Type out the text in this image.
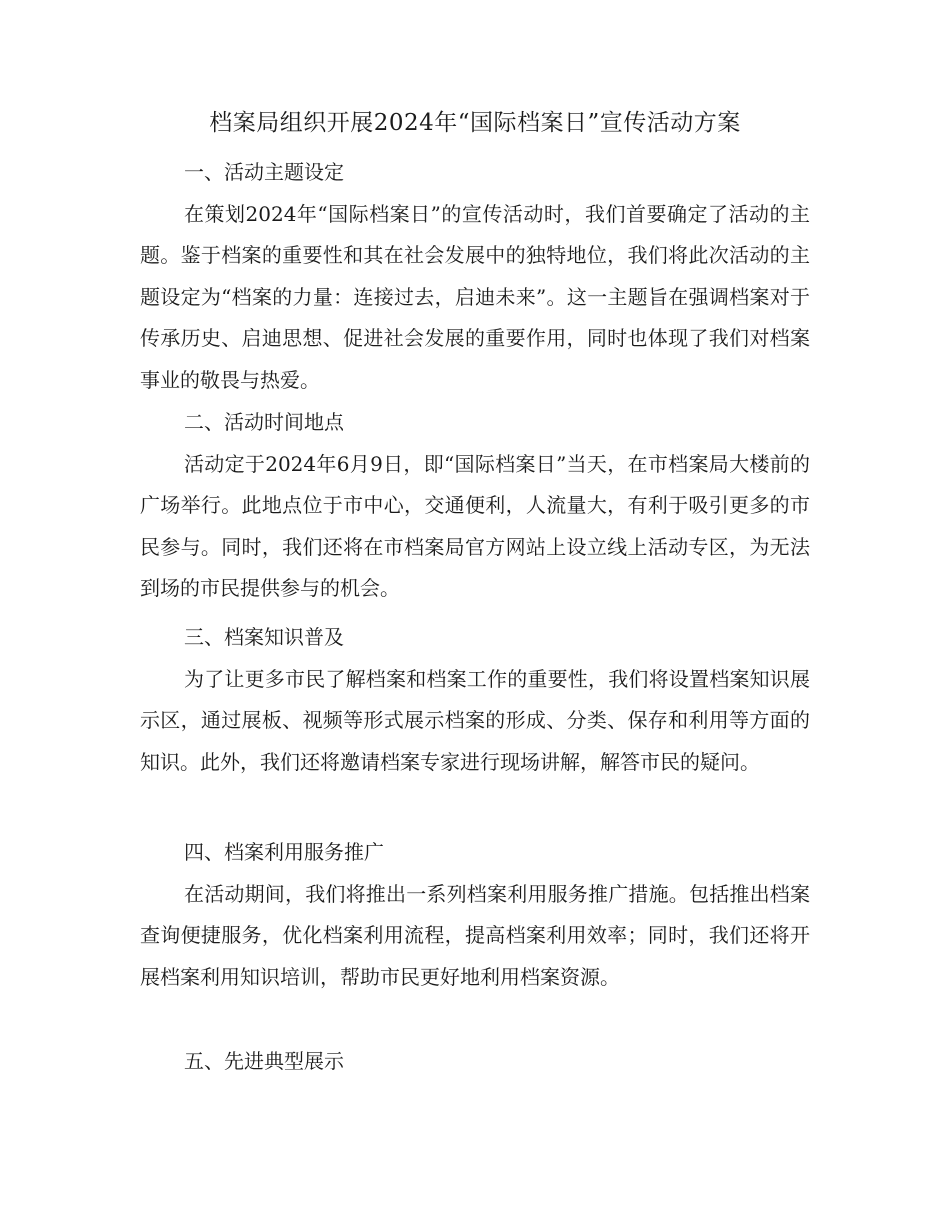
档案局组织开展2024年“国际档案日”宣传活动方案
一、活动主题设定

在策划2024年“国际档案日”的宣传活动时，我们首要确定了活动的主题。鉴于档案的重要性和其在社会发展中的独特地位，我们将此次活动的主题设定为“档案的力量：连接过去，启迪未来”。这一主题旨在强调档案对于传承历史、启迪思想、促进社会发展的重要作用，同时也体现了我们对档案事业的敬畏与热爱。

二、活动时间地点

活动定于2024年6月9日，即“国际档案日”当天，在市档案局大楼前的广场举行。此地点位于市中心，交通便利，人流量大，有利于吸引更多的市民参与。同时，我们还将在市档案局官方网站上设立线上活动专区，为无法到场的市民提供参与的机会。

三、档案知识普及

为了让更多市民了解档案和档案工作的重要性，我们将设置档案知识展示区，通过展板、视频等形式展示档案的形成、分类、保存和利用等方面的知识。此外，我们还将邀请档案专家进行现场讲解，解答市民的疑问。

四、档案利用服务推广

在活动期间，我们将推出一系列档案利用服务推广措施。包括推出档案查询便捷服务，优化档案利用流程，提高档案利用效率；同时，我们还将开展档案利用知识培训，帮助市民更好地利用档案资源。

五、先进典型展示
